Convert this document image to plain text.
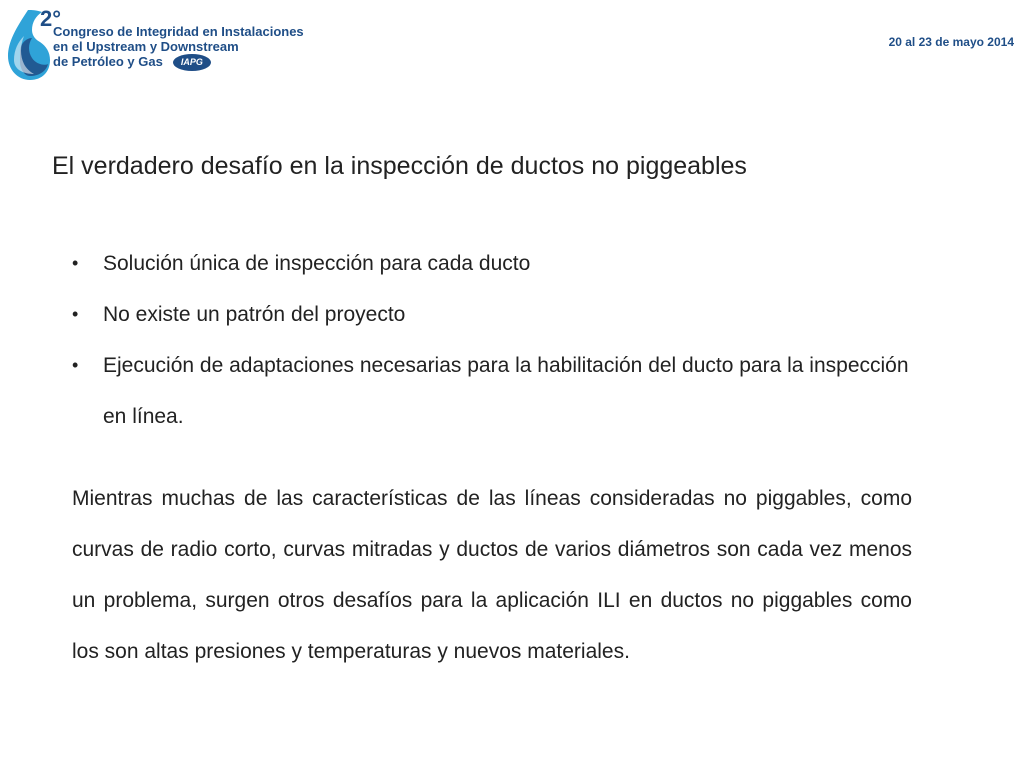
2°
Congreso de Integridad en Instalaciones
en el Upstream y Downstream
de Petróleo y Gas IAPG
20 al 23 de mayo 2014
El verdadero desafío en la inspección de ductos no piggeables
• Solución única de inspección para cada ducto
• No existe un patrón del proyecto
• Ejecución de adaptaciones necesarias para la habilitación del ducto para la inspección en línea.
Mientras muchas de las características de las líneas consideradas no piggables, como curvas de radio corto, curvas mitradas y ductos de varios diámetros son cada vez menos un problema, surgen otros desafíos para la aplicación ILI en ductos no piggables como los son altas presiones y temperaturas y nuevos materiales.
